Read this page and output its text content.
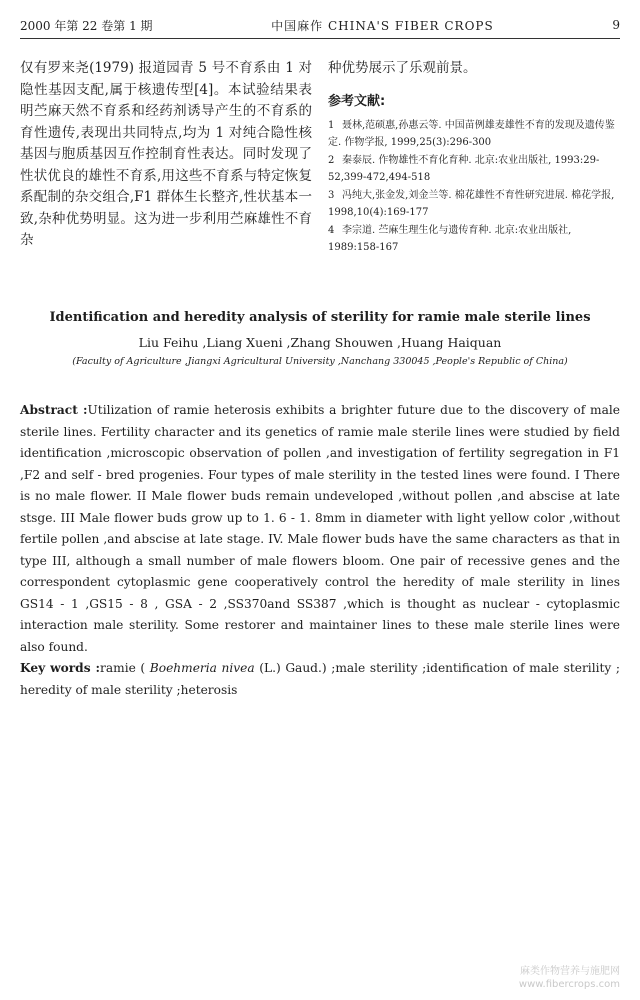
2000 年第 22 卷第 1 期	中国麻作 CHINA'S FIBER CROPS	9

仅有罗来尧(1979) 报道园青 5 号不育系由 1 对隐性基因支配,属于核遗传型[4]。本试验结果表明苎麻天然不育系和经药剂诱导产生的不育系的育性遗传,表现出共同特点,均为 1 对纯合隐性核基因与胞质基因互作控制育性表达。同时发现了性状优良的雄性不育系,用这些不育系与特定恢复系配制的杂交组合,F1 群体生长整齐,性状基本一致,杂种优势明显。这为进一步利用苎麻雄性不育杂

种优势展示了乐观前景。

参考文献:
1 聂林,范硕惠,孙惠云等. 中国苗例雄麦雄性不育的发现及遗传鉴定. 作物学报, 1999,25(3):296-300
2 秦泰辰. 作物雄性不育化育种. 北京:农业出版社, 1993:29-52,399-472,494-518
3 冯纯大,张金发,刘金兰等. 棉花雄性不育性研究进展. 棉花学报, 1998,10(4):169-177
4 李宗道. 苎麻生理生化与遗传育种. 北京:农业出版社, 1989:158-167
Identification and heredity analysis of sterility for ramie male sterile lines
Liu Feihu ,Liang Xueni ,Zhang Shouwen ,Huang Haiquan
(Faculty of Agriculture ,Jiangxi Agricultural University ,Nanchang 330045 ,People's Republic of China)

Abstract :Utilization of ramie heterosis exhibits a brighter future due to the discovery of male sterile lines. Fertility character and its genetics of ramie male sterile lines were studied by field identification ,microscopic observation of pollen ,and investigation of fertility segregation in F1 ,F2 and self - bred progenies. Four types of male sterility in the tested lines were found. I There is no male flower. II Male flower buds remain undeveloped ,without pollen ,and abscise at late stsge. III Male flower buds grow up to 1. 6 - 1. 8mm in diameter with light yellow color ,without fertile pollen ,and abscise at late stage. IV. Male flower buds have the same characters as that in type III, although a small number of male flowers bloom. One pair of recessive genes and the correspondent cytoplasmic gene cooperatively control the heredity of male sterility in lines GS14 - 1 ,GS15 - 8 , GSA - 2 ,SS370and SS387 ,which is thought as nuclear - cytoplasmic interaction male sterility. Some restorer and maintainer lines to these male sterile lines were also found.

Key words :ramie ( Boehmeria nivea (L.) Gaud.) ;male sterility ;identification of male sterility ; heredity of male sterility ;heterosis

麻类作物营养与施肥网
www.fibercrops.com
